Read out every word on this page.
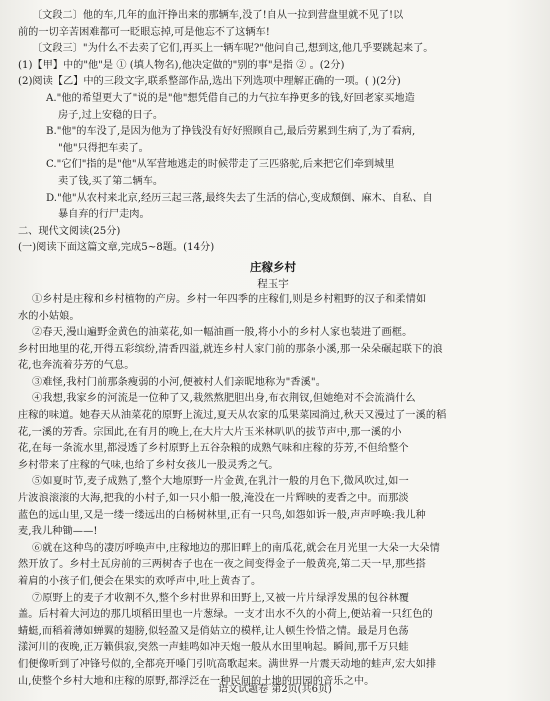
〔文段二〕他的车,几年的血汗挣出来的那辆车,没了!自从一拉到营盘里就不见了!以
前的一切辛苦困难都可一眨眼忘掉,可是他忘不了这辆车!
〔文段三〕"为什么不去卖了它们,再买上一辆车呢?"他问自己,想到这,他几乎要跳起来了。
(1)【甲】中的"他"是 ① (填人物名),他决定做的"别的事"是指 ② 。(2分)
(2)阅读【乙】中的三段文字,联系整部作品,选出下列选项中理解正确的一项。( )(2分)
A."他的希望更大了"说的是"他"想凭借自己的力气拉车挣更多的钱,好回老家买地造
房子,过上安稳的日子。
B."他"的车没了,是因为他为了挣钱没有好好照顾自己,最后劳累到生病了,为了看病,
"他"只得把车卖了。
C."它们"指的是"他"从军营地逃走的时候带走了三匹骆驼,后来把它们牵到城里
卖了钱,买了第二辆车。
D."他"从农村来北京,经历三起三落,最终失去了生活的信心,变成颓倒、麻木、自私、自
暴自弃的行尸走肉。
二、现代文阅读(25分)
(一)阅读下面这篇文章,完成5~8题。(14分)
庄稼乡村
程玉宇
①乡村是庄稼和乡村植物的产房。乡村一年四季的庄稼们,则是乡村粗野的汉子和柔情如
水的小姑娘。
②春天,漫山遍野金黄色的油菜花,如一幅油画一般,将小小的乡村人家也装进了画框。
乡村田地里的花,开得五彩缤纷,清香四溢,就连乡村人家门前的那条小溪,那一朵朵碾起联下的浪
花,也奔流着芬芳的气息。
③难怪,我村门前那条瘦弱的小河,便被村人们亲昵地称为"香溪"。
④我想,我家乡的河流是一位种了又,栽然熬肥胆出身,布衣荆钗,但她绝对不会流淌什么
庄稼的味道。她春天从油菜花的原野上流过,夏天从农家的瓜果菜园淌过,秋天又漫过了一溪的稻
花,一溪的芳香。宗国此,在有月的晚上,在大片大片玉米林叭叭的拔节声中,那一溪的小
花,在每一条流水里,都浸透了乡村原野上五谷杂粮的成熟气味和庄稼的芬芳,不但给整个
乡村带来了庄稼的气味,也给了乡村女孩儿一股灵秀之气。
⑤如夏时节,麦子成熟了,整个大地原野一片金黄,在乳汁一般的月色下,微风吹过,如一
片波浪滚滚的大海,把我的小村子,如一只小船一般,淹没在一片辉映的麦香之中。而那淡
蓝色的远山里,又是一缕一缕远出的白杨树林里,正有一只鸟,如怨如诉一般,声声呼唤:我儿种
麦,我儿种锄——!
⑥就在这种鸟的凄厉呼唤声中,庄稼地边的那旧畔上的南瓜花,就会在月光里一大朵一大朵情
然开放了。乡村土瓦房前的三两树杏子也在一夜之间变得金子一般黄亮,第二天一早,那些搭
着肩的小孩子们,便会在果实的欢呼声中,吐上黄杏了。
⑦原野上的麦子才收割不久,整个乡村世界和田野上,又被一片片绿浮发黑的包谷林覆
盖。后村着大河边的那几顷稻田里也一片葱绿。一支才出水不久的小荷上,便站着一只红色的
蜻蜓,而稻着薄如蝉翼的翅膀,似轻盈又是俏姑立的模样,让人顿生怜惜之情。最是月色荡
漾河川的夜晚,正万籁俱寂,突然一声蛙鸣如冲天炮一般从水田里响起。瞬间,那千万只蛙
们便像听到了冲锋号似的,全都亮开嗓门引吭高歌起来。满世界一片震天动地的蛙声,宏大如排
山,使整个乡村大地和庄稼的原野,都浮泛在一种民间的土地的田园的音乐之中。
语文试题卷 第2页(共6页)
